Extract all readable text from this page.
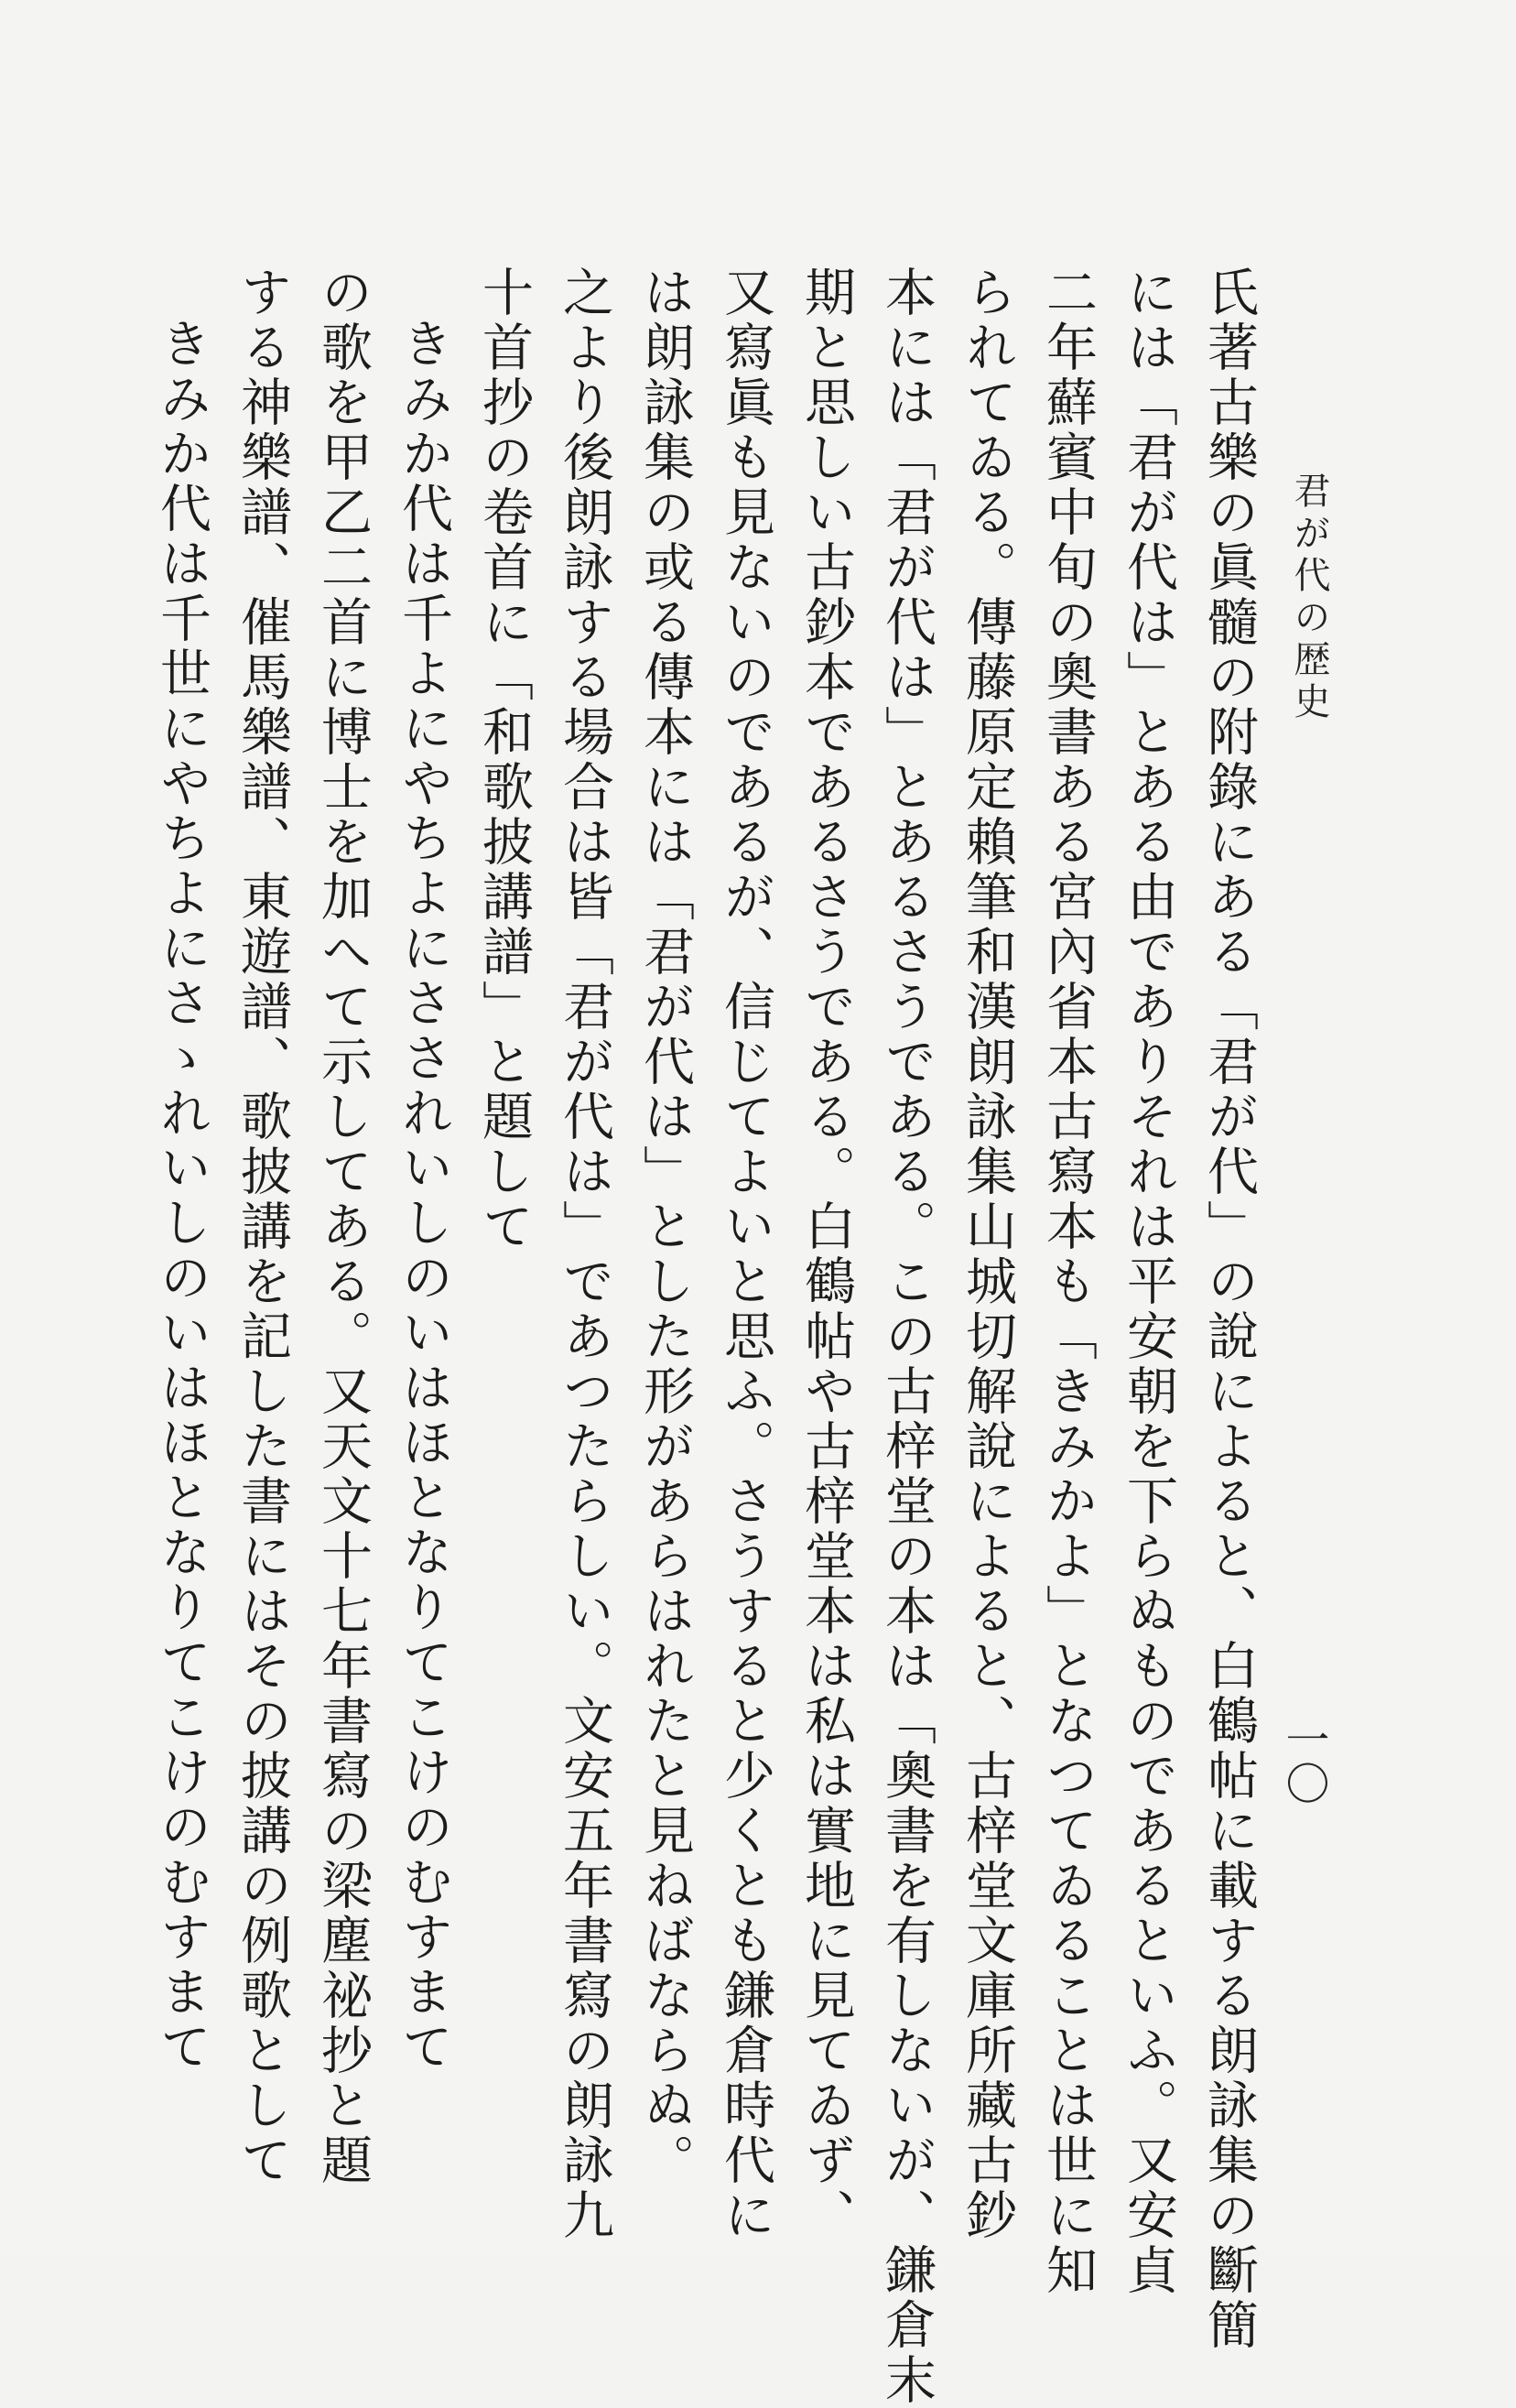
君が代の歴史
一〇
氏著古樂の眞髓の附錄にある「君が代」の說によると、白鶴帖に載する朗詠集の斷簡
には「君が代は」とある由でありそれは平安朝を下らぬものであるといふ。又安貞
二年蘚賓中旬の奧書ある宮內省本古寫本も「きみかよ」となつてゐることは世に知
られてゐる。傳藤原定賴筆和漢朗詠集山城切解說によると、古梓堂文庫所藏古鈔
本には「君が代は」とあるさうである。この古梓堂の本は「奧書を有しないが、鎌倉末
期と思しい古鈔本であるさうである。白鶴帖や古梓堂本は私は實地に見てゐず、
又寫眞も見ないのであるが、信じてよいと思ふ。さうすると少くとも鎌倉時代に
は朗詠集の或る傳本には「君が代は」とした形があらはれたと見ねばならぬ。
之より後朗詠する場合は皆「君が代は」であつたらしい。文安五年書寫の朗詠九
十首抄の卷首に「和歌披講譜」と題して
きみか代は千よにやちよにさされいしのいはほとなりてこけのむすまて
の歌を甲乙二首に博士を加へて示してある。又天文十七年書寫の梁塵祕抄と題
する神樂譜、催馬樂譜、東遊譜、歌披講を記した書にはその披講の例歌として
きみか代は千世にやちよにさゝれいしのいはほとなりてこけのむすまて
